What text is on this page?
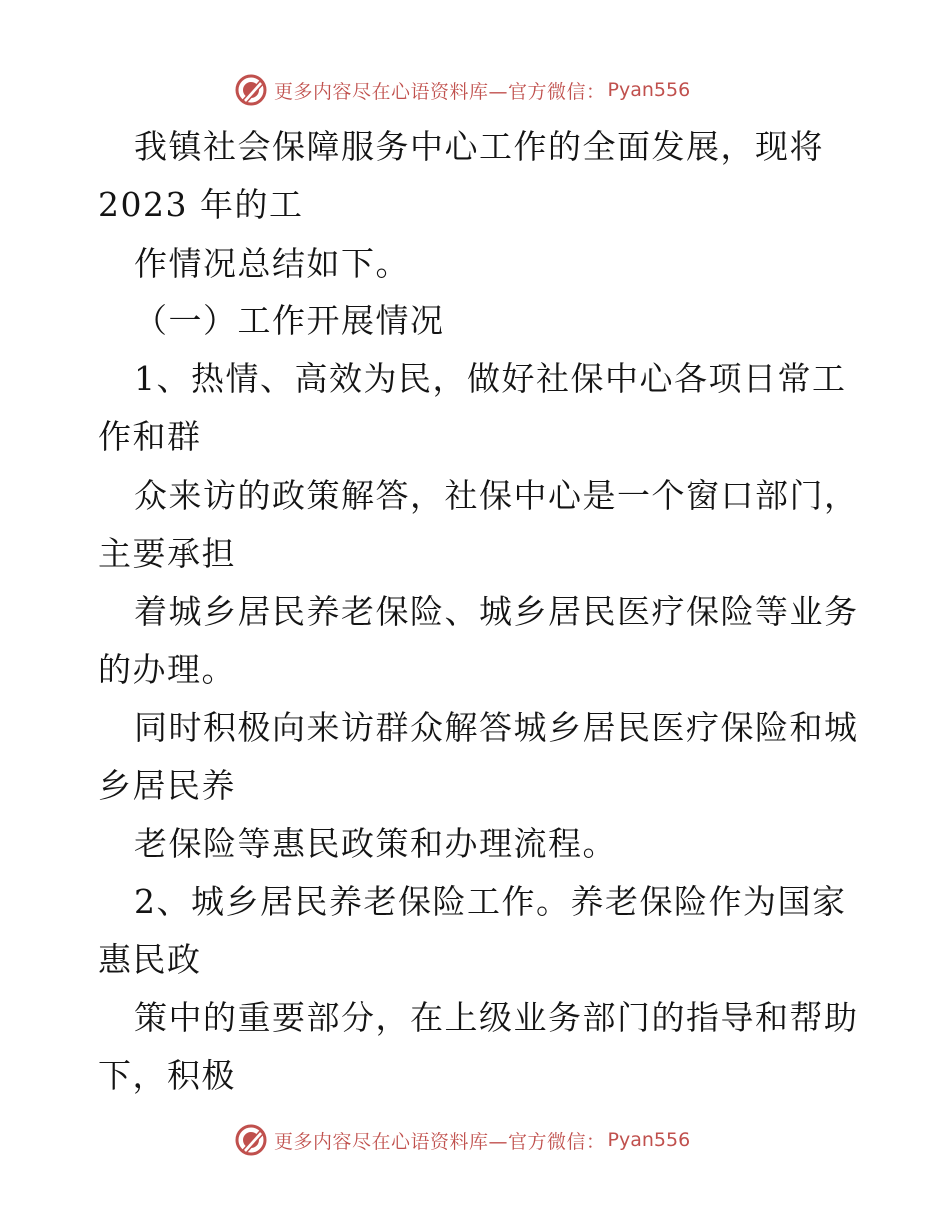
更多内容尽在心语资料库—官方微信： Pyan556
我镇社会保障服务中心工作的全面发展，现将
2023 年的工
作情况总结如下。
（一）工作开展情况
1、热情、高效为民，做好社保中心各项日常工
作和群
众来访的政策解答，社保中心是一个窗口部门，
主要承担
着城乡居民养老保险、城乡居民医疗保险等业务
的办理。
同时积极向来访群众解答城乡居民医疗保险和城
乡居民养
老保险等惠民政策和办理流程。
2、城乡居民养老保险工作。养老保险作为国家
惠民政
策中的重要部分，在上级业务部门的指导和帮助
下，积极
更多内容尽在心语资料库—官方微信： Pyan556
